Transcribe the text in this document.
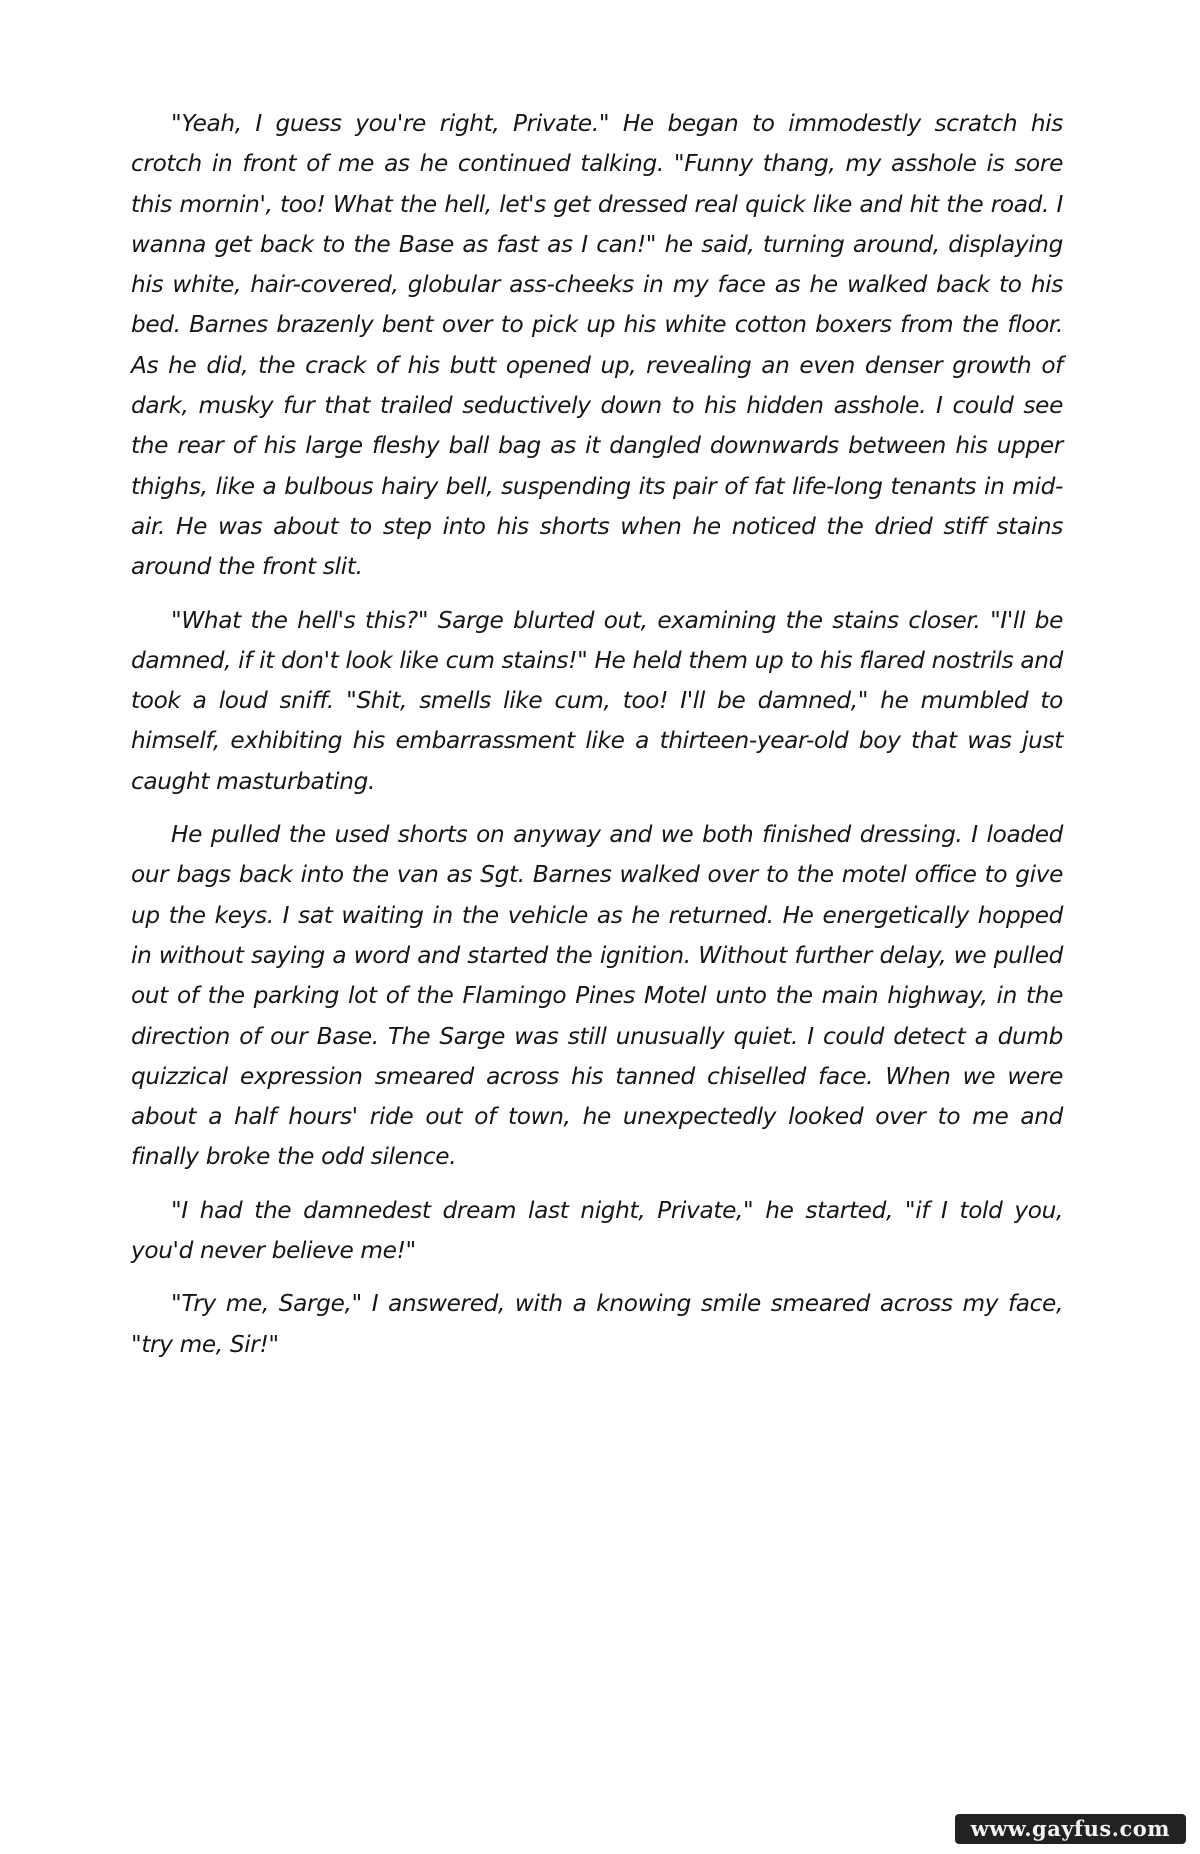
"Yeah, I guess you're right, Private." He began to immodestly scratch his crotch in front of me as he continued talking. "Funny thang, my asshole is sore this mornin', too! What the hell, let's get dressed real quick like and hit the road. I wanna get back to the Base as fast as I can!" he said, turning around, displaying his white, hair-covered, globular ass-cheeks in my face as he walked back to his bed. Barnes brazenly bent over to pick up his white cotton boxers from the floor. As he did, the crack of his butt opened up, revealing an even denser growth of dark, musky fur that trailed seductively down to his hidden asshole. I could see the rear of his large fleshy ball bag as it dangled downwards between his upper thighs, like a bulbous hairy bell, suspending its pair of fat life-long tenants in mid-air. He was about to step into his shorts when he noticed the dried stiff stains around the front slit.

"What the hell's this?" Sarge blurted out, examining the stains closer. "I'll be damned, if it don't look like cum stains!" He held them up to his flared nostrils and took a loud sniff. "Shit, smells like cum, too! I'll be damned," he mumbled to himself, exhibiting his embarrassment like a thirteen-year-old boy that was just caught masturbating.

He pulled the used shorts on anyway and we both finished dressing. I loaded our bags back into the van as Sgt. Barnes walked over to the motel office to give up the keys. I sat waiting in the vehicle as he returned. He energetically hopped in without saying a word and started the ignition. Without further delay, we pulled out of the parking lot of the Flamingo Pines Motel unto the main highway, in the direction of our Base. The Sarge was still unusually quiet. I could detect a dumb quizzical expression smeared across his tanned chiselled face. When we were about a half hours' ride out of town, he unexpectedly looked over to me and finally broke the odd silence.

"I had the damnedest dream last night, Private," he started, "if I told you, you'd never believe me!"

"Try me, Sarge," I answered, with a knowing smile smeared across my face, "try me, Sir!"

www.gayfus.com
